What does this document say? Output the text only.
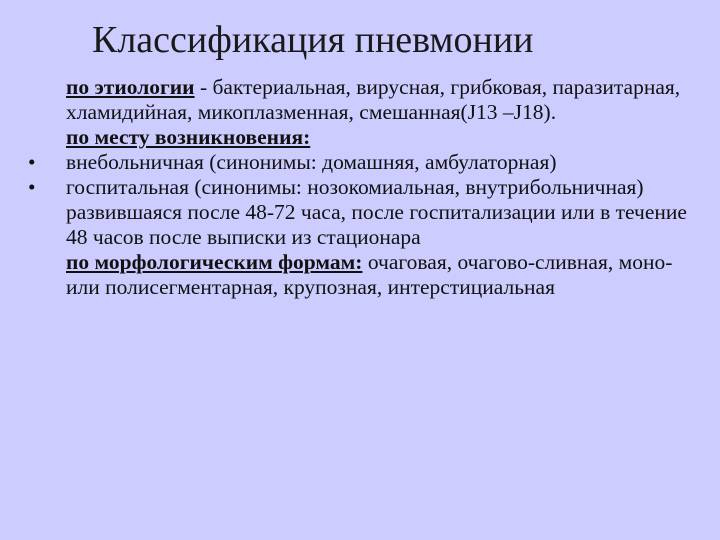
Классификация пневмонии
по этиологии - бактериальная, вирусная, грибковая, паразитарная, хламидийная, микоплазменная, смешанная(J13 –J18).
по месту возникновения:
•	внебольничная (синонимы: домашняя, амбулаторная)
•	госпитальная (синонимы: нозокомиальная, внутрибольничная) развившаяся после 48-72 часа, после госпитализации или в течение 48 часов после выписки из стационара
по морфологическим формам: очаговая, очагово-сливная, моно- или полисегментарная, крупозная, интерстициальная
